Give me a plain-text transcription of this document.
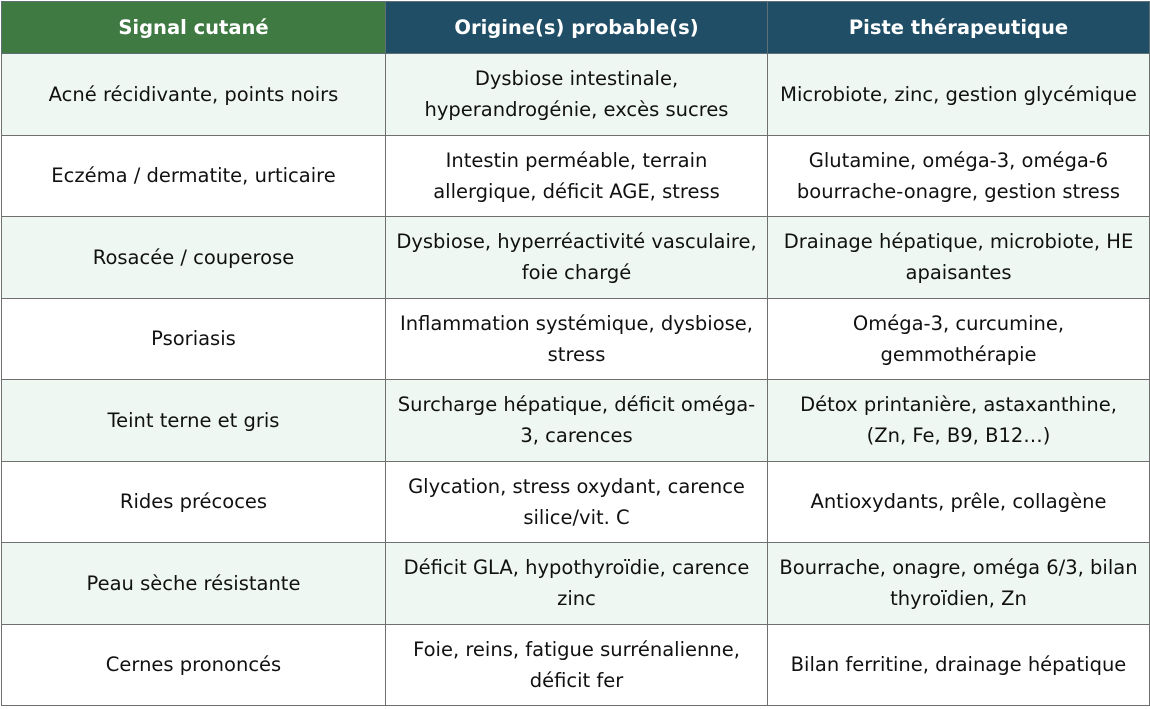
Signal cutané	Origine(s) probable(s)	Piste thérapeutique
Acné récidivante, points noirs	Dysbiose intestinale, hyperandrogénie, excès sucres	Microbiote, zinc, gestion glycémique
Eczéma / dermatite, urticaire	Intestin perméable, terrain allergique, déficit AGE, stress	Glutamine, oméga-3, oméga-6 bourrache-onagre, gestion stress
Rosacée / couperose	Dysbiose, hyperréactivité vasculaire, foie chargé	Drainage hépatique, microbiote, HE apaisantes
Psoriasis	Inflammation systémique, dysbiose, stress	Oméga-3, curcumine, gemmothérapie
Teint terne et gris	Surcharge hépatique, déficit oméga-3, carences	Détox printanière, astaxanthine, (Zn, Fe, B9, B12…)
Rides précoces	Glycation, stress oxydant, carence silice/vit. C	Antioxydants, prêle, collagène
Peau sèche résistante	Déficit GLA, hypothyroïdie, carence zinc	Bourrache, onagre, oméga 6/3, bilan thyroïdien, Zn
Cernes prononcés	Foie, reins, fatigue surrénalienne, déficit fer	Bilan ferritine, drainage hépatique
